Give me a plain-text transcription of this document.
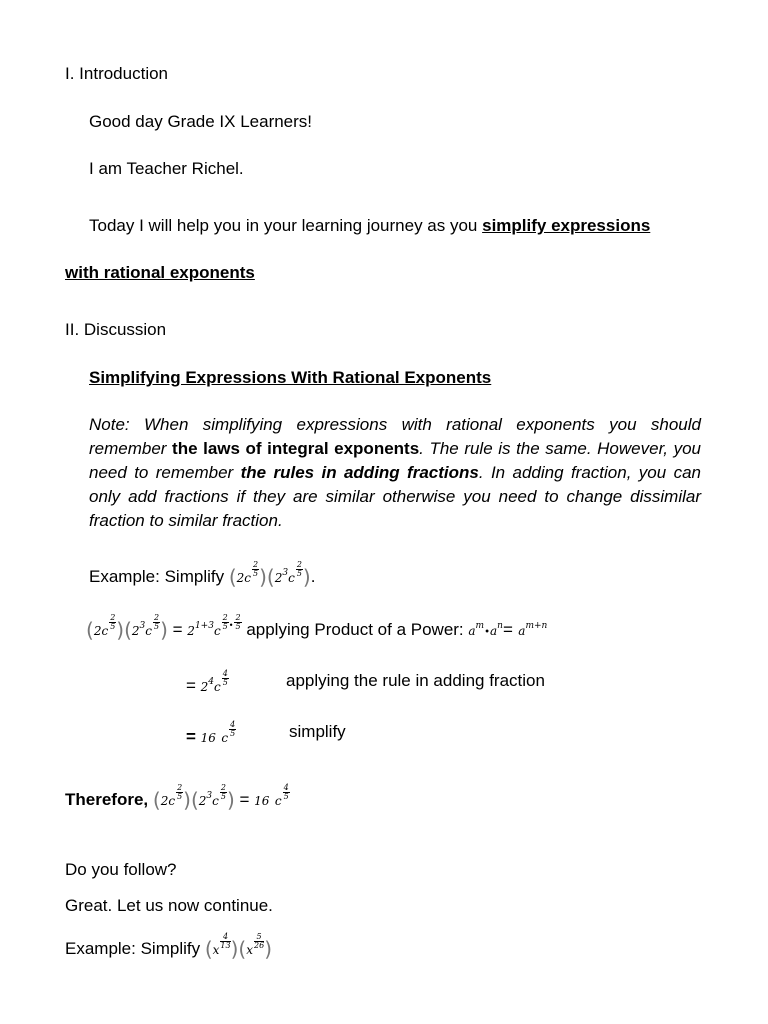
I. Introduction
Good day Grade IX Learners!
I am Teacher Richel.
Today I will help you in your learning journey as you simplify expressions
with rational exponents
II. Discussion
Simplifying Expressions With Rational Exponents
Note: When simplifying expressions with rational exponents you should remember the laws of integral exponents. The rule is the same. However, you need to remember the rules in adding fractions. In adding fraction, you can only add fractions if they are similar otherwise you need to change dissimilar fraction to similar fraction.
Example: Simplify $(2c \frac{2}{5} )(2^3c \frac{2}{5}$ ).
$(2c \frac{2}{5} )(2^3c \frac{2}{5}$ ) = $2^{1+3}c \frac{2}{5} ^• \frac{2}{5}$ applying Product of a Power: $a^m•a^n= a^{m+n}$
= $2^4c \frac{4}{5}$	applying the rule in adding fraction
= 16 c $\frac{4}{5}$	simplify
Therefore, $(2c \frac{2}{5} )(2^3c \frac{2}{5}$ ) = 16 c $\frac{4}{5}$
Do you follow?
Great. Let us now continue.
Example: Simplify $(x \frac{4}{13} )(x \frac{5}{26}$ )
